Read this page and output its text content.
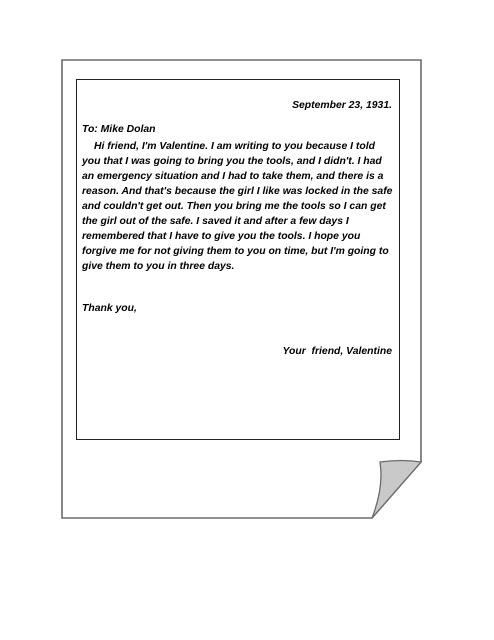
September 23, 1931.
To: Mike Dolan

Hi friend, I'm Valentine. I am writing to you because I told you that I was going to bring you the tools, and I didn't. I had an emergency situation and I had to take them, and there is a reason. And that's because the girl I like was locked in the safe and couldn't get out. Then you bring me the tools so I can get the girl out of the safe. I saved it and after a few days I remembered that I have to give you the tools. I hope you forgive me for not giving them to you on time, but I'm going to give them to you in three days.

Thank you,
Your  friend, Valentine
